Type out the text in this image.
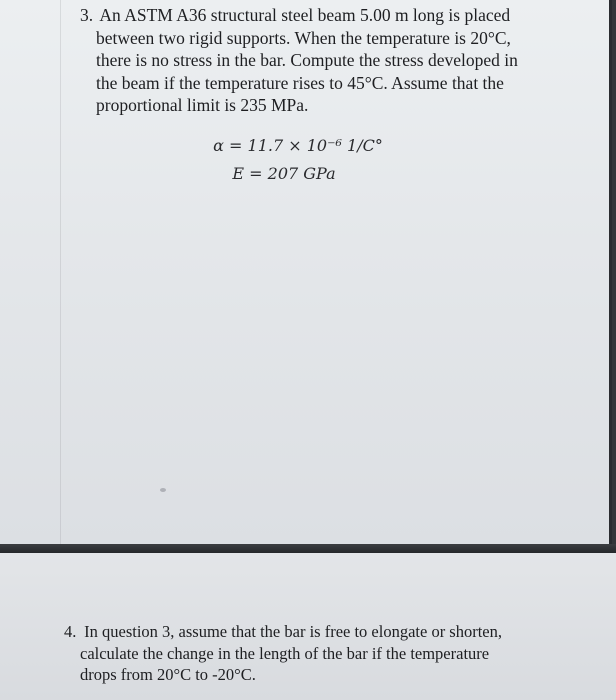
3. An ASTM A36 structural steel beam 5.00 m long is placed
between two rigid supports. When the temperature is 20°C,
there is no stress in the bar. Compute the stress developed in
the beam if the temperature rises to 45°C. Assume that the
proportional limit is 235 MPa.

α = 11.7 × 10⁻⁶ 1/C°

E = 207 GPa

4. In question 3, assume that the bar is free to elongate or shorten,
calculate the change in the length of the bar if the temperature
drops from 20°C to -20°C.
